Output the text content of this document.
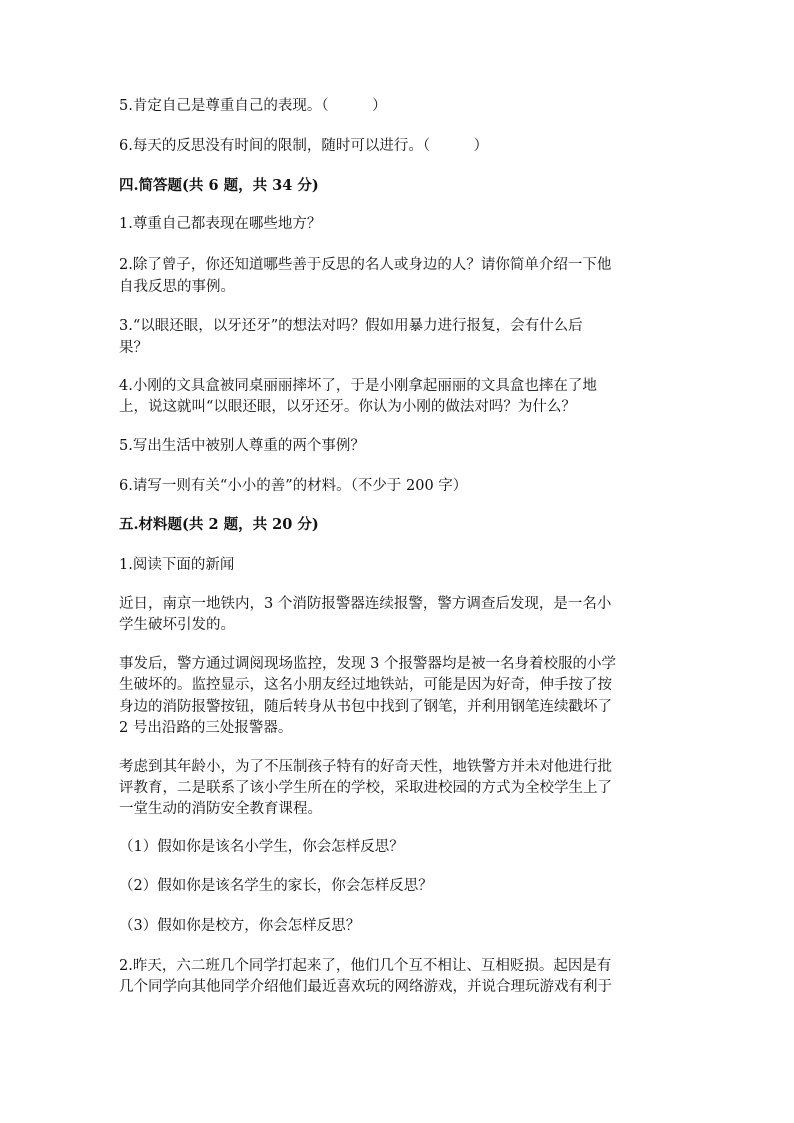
5.肯定自己是尊重自己的表现。（　　　）

6.每天的反思没有时间的限制，随时可以进行。（　　　）

四.简答题(共 6 题，共 34 分)

1.尊重自己都表现在哪些地方？

2.除了曾子，你还知道哪些善于反思的名人或身边的人？请你简单介绍一下他

自我反思的事例。

3.“以眼还眼，以牙还牙”的想法对吗？假如用暴力进行报复，会有什么后

果？

4.小刚的文具盒被同桌丽丽摔坏了，于是小刚拿起丽丽的文具盒也摔在了地

上，说这就叫“以眼还眼，以牙还牙。你认为小刚的做法对吗？为什么？

5.写出生活中被别人尊重的两个事例？

6.请写一则有关“小小的善”的材料。（不少于 200 字）

五.材料题(共 2 题，共 20 分)

1.阅读下面的新闻

近日，南京一地铁内，3 个消防报警器连续报警，警方调查后发现，是一名小

学生破坏引发的。

事发后，警方通过调阅现场监控，发现 3 个报警器均是被一名身着校服的小学

生破坏的。监控显示，这名小朋友经过地铁站，可能是因为好奇，伸手按了按

身边的消防报警按钮，随后转身从书包中找到了钢笔，并利用钢笔连续戳坏了

2 号出沿路的三处报警器。

考虑到其年龄小，为了不压制孩子特有的好奇天性，地铁警方并未对他进行批

评教育，二是联系了该小学生所在的学校，采取进校园的方式为全校学生上了

一堂生动的消防安全教育课程。

（1）假如你是该名小学生，你会怎样反思？

（2）假如你是该名学生的家长，你会怎样反思？

（3）假如你是校方，你会怎样反思？

2.昨天，六二班几个同学打起来了，他们几个互不相让、互相贬损。起因是有

几个同学向其他同学介绍他们最近喜欢玩的网络游戏，并说合理玩游戏有利于
